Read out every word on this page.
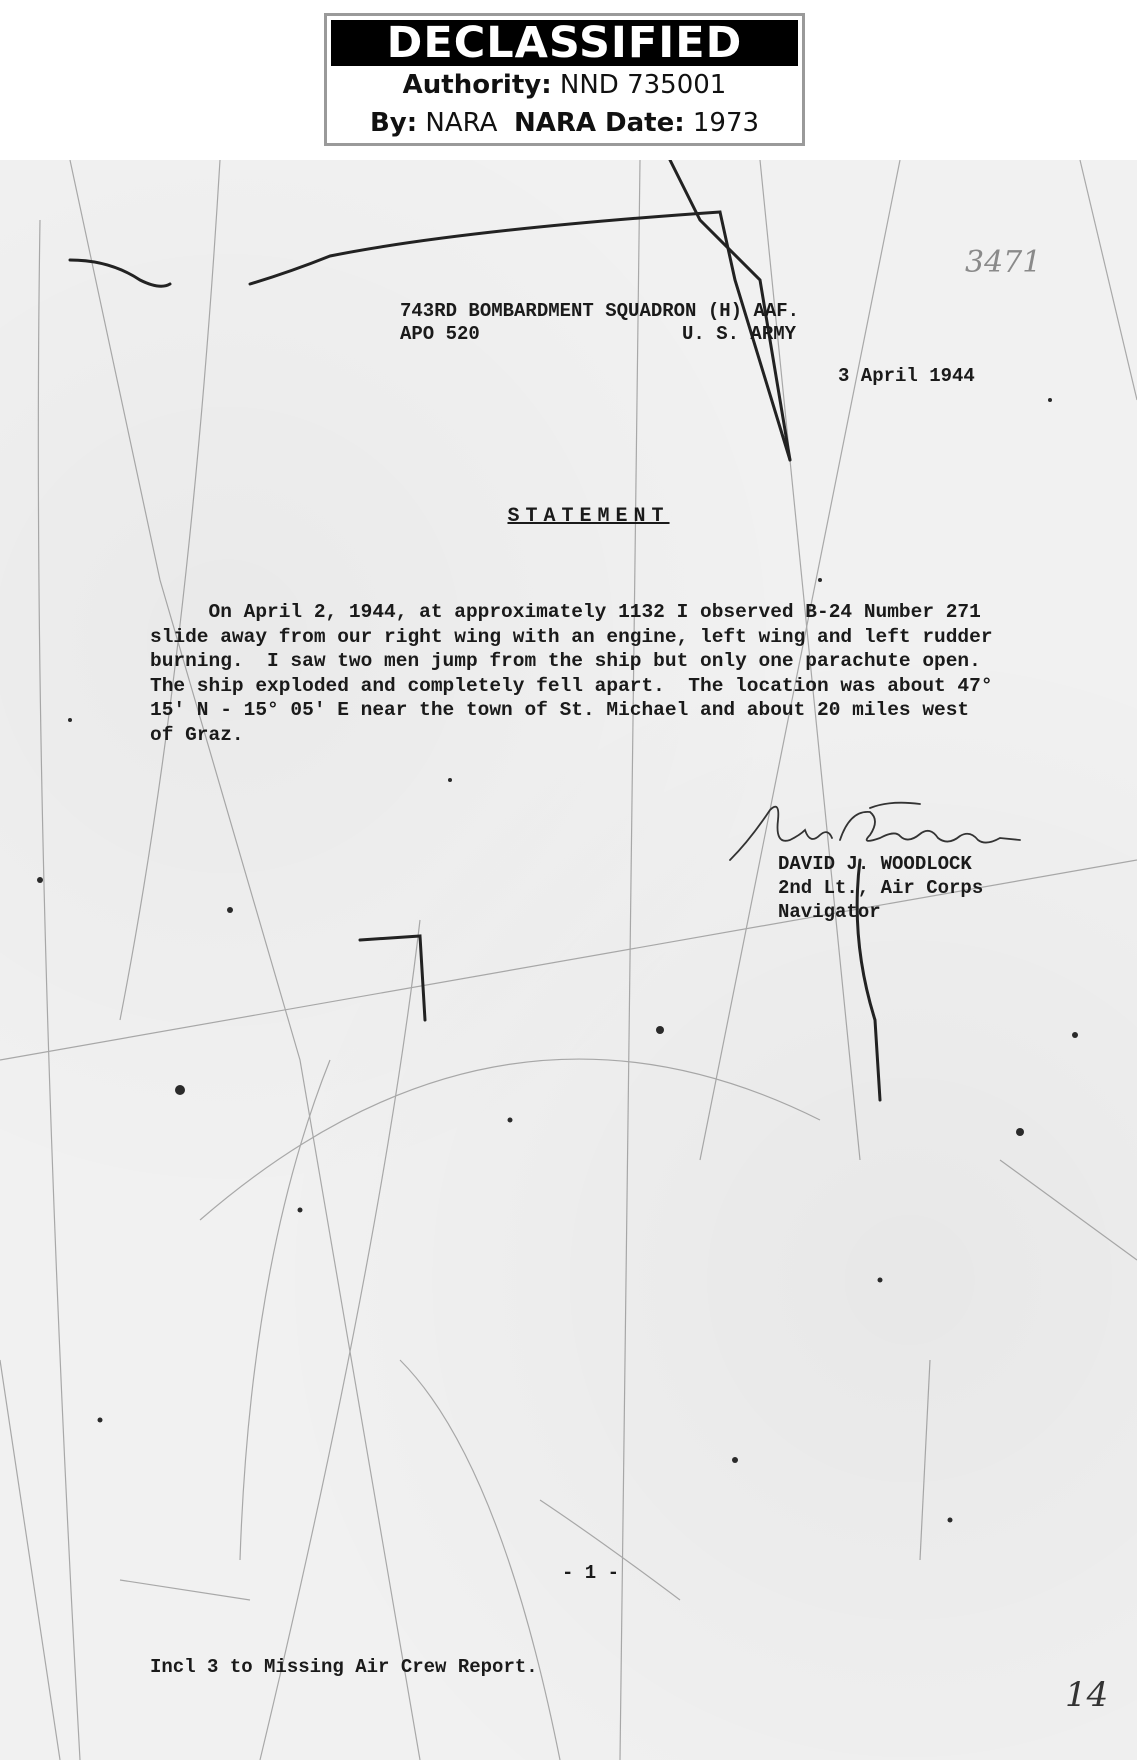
DECLASSIFIED
Authority: NND 735001
By: NARA NARA Date: 1973
3471
743RD BOMBARDMENT SQUADRON (H) AAF.
APO 520	U. S. ARMY
3 April 1944
STATEMENT

On April 2, 1944, at approximately 1132 I observed B-24 Number 271

slide away from our right wing with an engine, left wing and left rudder

burning.  I saw two men jump from the ship but only one parachute open.

The ship exploded and completely fell apart.  The location was about 47°

15' N - 15° 05' E near the town of St. Michael and about 20 miles west

of Graz.

DAVID J. WOODLOCK
2nd Lt., Air Corps
Navigator
- 1 -
Incl 3 to Missing Air Crew Report.
14
